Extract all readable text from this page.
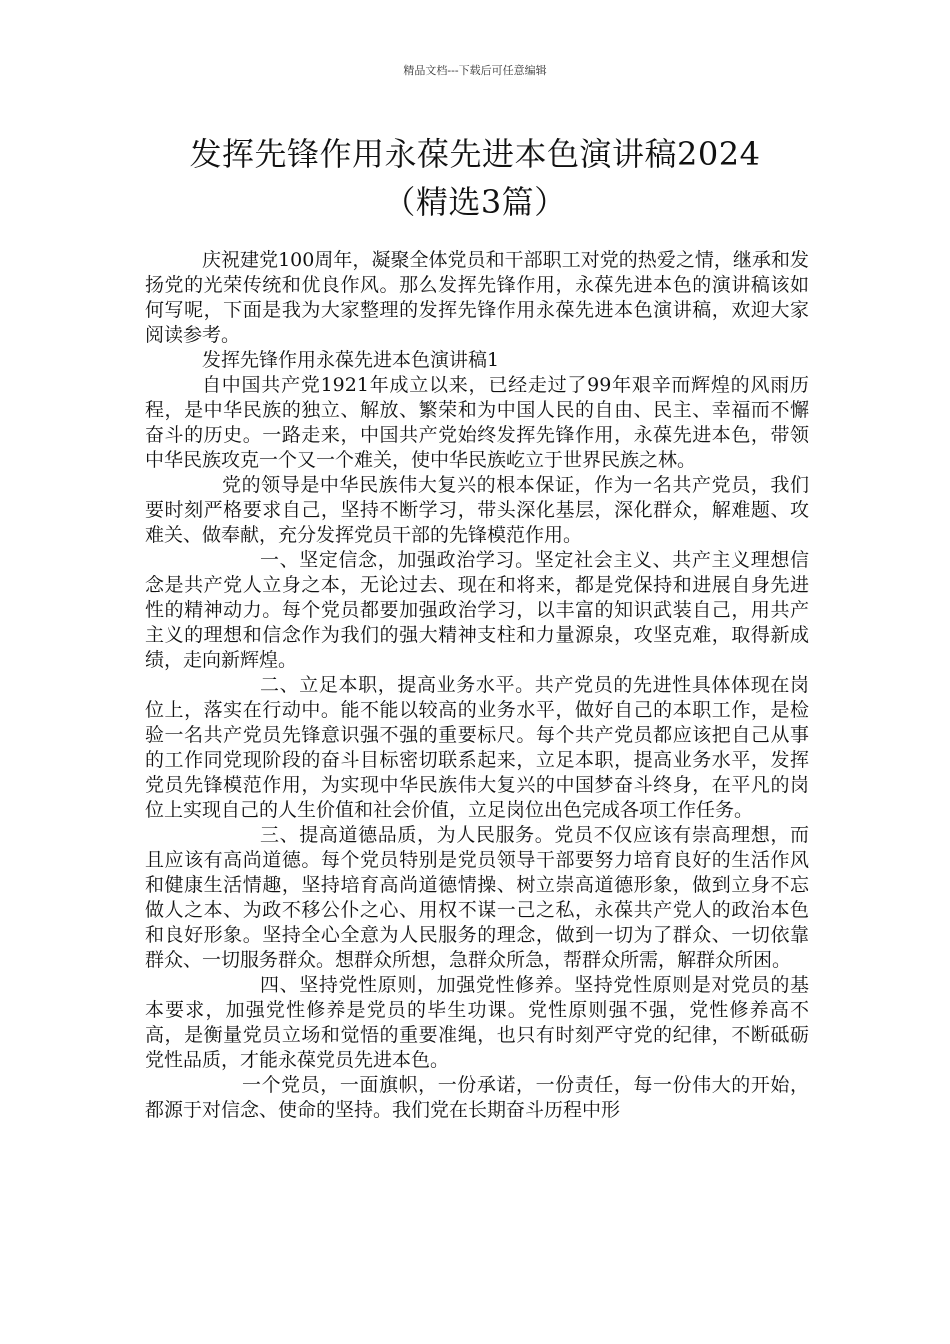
精品文档---下载后可任意编辑
发挥先锋作用永葆先进本色演讲稿2024
（精选3篇）

庆祝建党100周年，凝聚全体党员和干部职工对党的热爱之情，继承和发扬党的光荣传统和优良作风。那么发挥先锋作用，永葆先进本色的演讲稿该如何写呢，下面是我为大家整理的发挥先锋作用永葆先进本色演讲稿，欢迎大家阅读参考。

发挥先锋作用永葆先进本色演讲稿1

自中国共产党1921年成立以来，已经走过了99年艰辛而辉煌的风雨历程，是中华民族的独立、解放、繁荣和为中国人民的自由、民主、幸福而不懈奋斗的历史。一路走来，中国共产党始终发挥先锋作用，永葆先进本色，带领中华民族攻克一个又一个难关，使中华民族屹立于世界民族之林。

党的领导是中华民族伟大复兴的根本保证，作为一名共产党员，我们要时刻严格要求自己，坚持不断学习，带头深化基层，深化群众，解难题、攻难关、做奉献，充分发挥党员干部的先锋模范作用。

一、坚定信念，加强政治学习。坚定社会主义、共产主义理想信念是共产党人立身之本，无论过去、现在和将来，都是党保持和进展自身先进性的精神动力。每个党员都要加强政治学习，以丰富的知识武装自己，用共产主义的理想和信念作为我们的强大精神支柱和力量源泉，攻坚克难，取得新成绩，走向新辉煌。

二、立足本职，提高业务水平。共产党员的先进性具体体现在岗位上，落实在行动中。能不能以较高的业务水平，做好自己的本职工作，是检验一名共产党员先锋意识强不强的重要标尺。每个共产党员都应该把自己从事的工作同党现阶段的奋斗目标密切联系起来，立足本职，提高业务水平，发挥党员先锋模范作用，为实现中华民族伟大复兴的中国梦奋斗终身，在平凡的岗位上实现自己的人生价值和社会价值，立足岗位出色完成各项工作任务。

三、提高道德品质，为人民服务。党员不仅应该有崇高理想，而且应该有高尚道德。每个党员特别是党员领导干部要努力培育良好的生活作风和健康生活情趣，坚持培育高尚道德情操、树立崇高道德形象，做到立身不忘做人之本、为政不移公仆之心、用权不谋一己之私，永葆共产党人的政治本色和良好形象。坚持全心全意为人民服务的理念，做到一切为了群众、一切依靠群众、一切服务群众。想群众所想，急群众所急，帮群众所需，解群众所困。

四、坚持党性原则，加强党性修养。坚持党性原则是对党员的基本要求，加强党性修养是党员的毕生功课。党性原则强不强，党性修养高不高，是衡量党员立场和觉悟的重要准绳，也只有时刻严守党的纪律，不断砥砺党性品质，才能永葆党员先进本色。

一个党员，一面旗帜，一份承诺，一份责任，每一份伟大的开始，都源于对信念、使命的坚持。我们党在长期奋斗历程中形
